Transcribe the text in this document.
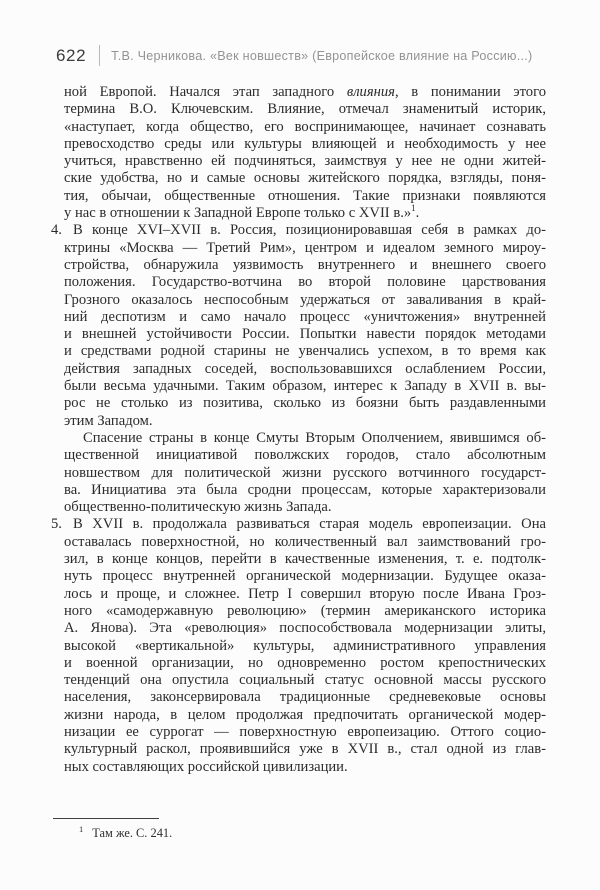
622 Т.В. Черникова. «Век новшеств» (Европейское влияние на Россию...)
ной Европой. Начался этап западного влияния, в понимании этого
термина В.О. Ключевским. Влияние, отмечал знаменитый историк,
«наступает, когда общество, его воспринимающее, начинает сознавать
превосходство среды или культуры влияющей и необходимость у нее
учиться, нравственно ей подчиняться, заимствуя у нее не одни житей-
ские удобства, но и самые основы житейского порядка, взгляды, поня-
тия, обычаи, общественные отношения. Такие признаки появляются
у нас в отношении к Западной Европе только с XVII в.»$^1$.
4. В конце XVI–XVII в. Россия, позиционировавшая себя в рамках до-
ктрины «Москва — Третий Рим», центром и идеалом земного мироу-
стройства, обнаружила уязвимость внутреннего и внешнего своего
положения. Государство-вотчина во второй половине царствования
Грозного оказалось неспособным удержаться от заваливания в край-
ний деспотизм и само начало процесс «уничтожения» внутренней
и внешней устойчивости России. Попытки навести порядок методами
и средствами родной старины не увенчались успехом, в то время как
действия западных соседей, воспользовавшихся ослаблением России,
были весьма удачными. Таким образом, интерес к Западу в XVII в. вы-
рос не столько из позитива, сколько из боязни быть раздавленными
этим Западом.
Спасение страны в конце Смуты Вторым Ополчением, явившимся об-
щественной инициативой поволжских городов, стало абсолютным
новшеством для политической жизни русского вотчинного государст-
ва. Инициатива эта была сродни процессам, которые характеризовали
общественно-политическую жизнь Запада.
5. В XVII в. продолжала развиваться старая модель европеизации. Она
оставалась поверхностной, но количественный вал заимствований гро-
зил, в конце концов, перейти в качественные изменения, т. е. подтолк-
нуть процесс внутренней органической модернизации. Будущее оказа-
лось и проще, и сложнее. Петр I совершил вторую после Ивана Гроз-
ного «самодержавную революцию» (термин американского историка
А. Янова). Эта «революция» поспособствовала модернизации элиты,
высокой «вертикальной» культуры, административного управления
и военной организации, но одновременно ростом крепостнических
тенденций она опустила социальный статус основной массы русского
населения, законсервировала традиционные средневековые основы
жизни народа, в целом продолжая предпочитать органической модер-
низации ее суррогат — поверхностную европеизацию. Оттого социо-
культурный раскол, проявившийся уже в XVII в., стал одной из глав-
ных составляющих российской цивилизации.
$^1$ Там же. С. 241.
